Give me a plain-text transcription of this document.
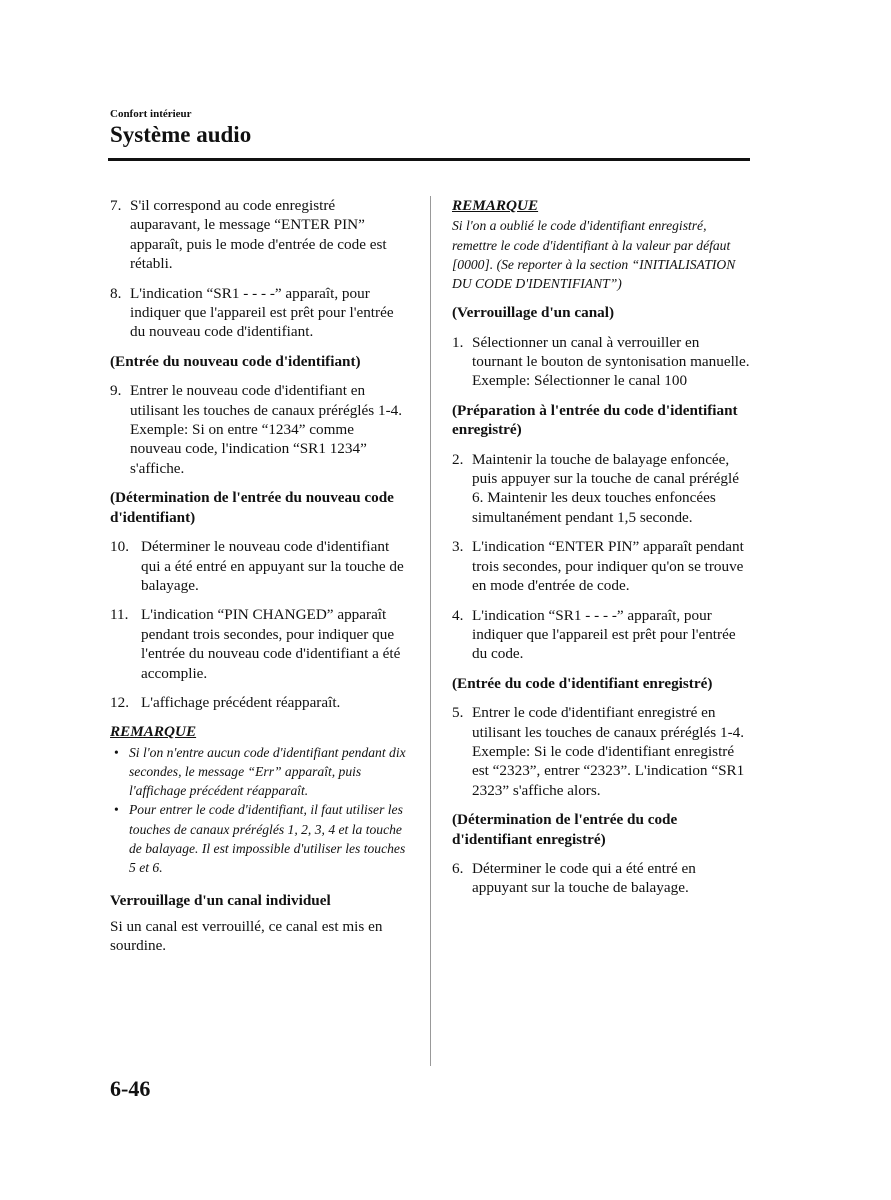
Confort intérieur
Système audio
7. S'il correspond au code enregistré auparavant, le message “ENTER PIN” apparaît, puis le mode d'entrée de code est rétabli.
8. L'indication “SR1 - - - -” apparaît, pour indiquer que l'appareil est prêt pour l'entrée du nouveau code d'identifiant.
(Entrée du nouveau code d'identifiant)
9. Entrer le nouveau code d'identifiant en utilisant les touches de canaux préréglés 1-4.
Exemple: Si on entre “1234” comme nouveau code, l'indication “SR1 1234” s'affiche.
(Détermination de l'entrée du nouveau code d'identifiant)
10. Déterminer le nouveau code d'identifiant qui a été entré en appuyant sur la touche de balayage.
11. L'indication “PIN CHANGED” apparaît pendant trois secondes, pour indiquer que l'entrée du nouveau code d'identifiant a été accomplie.
12. L'affichage précédent réapparaît.
REMARQUE
• Si l'on n'entre aucun code d'identifiant pendant dix secondes, le message “Err” apparaît, puis l'affichage précédent réapparaît.
• Pour entrer le code d'identifiant, il faut utiliser les touches de canaux préréglés 1, 2, 3, 4 et la touche de balayage. Il est impossible d'utiliser les touches 5 et 6.
Verrouillage d'un canal individuel
Si un canal est verrouillé, ce canal est mis en sourdine.
REMARQUE
Si l'on a oublié le code d'identifiant enregistré, remettre le code d'identifiant à la valeur par défaut [0000]. (Se reporter à la section “INITIALISATION DU CODE D'IDENTIFIANT”)
(Verrouillage d'un canal)
1. Sélectionner un canal à verrouiller en tournant le bouton de syntonisation manuelle. Exemple: Sélectionner le canal 100
(Préparation à l'entrée du code d'identifiant enregistré)
2. Maintenir la touche de balayage enfoncée, puis appuyer sur la touche de canal préréglé 6. Maintenir les deux touches enfoncées simultanément pendant 1,5 seconde.
3. L'indication “ENTER PIN” apparaît pendant trois secondes, pour indiquer qu'on se trouve en mode d'entrée de code.
4. L'indication “SR1 - - - -” apparaît, pour indiquer que l'appareil est prêt pour l'entrée du code.
(Entrée du code d'identifiant enregistré)
5. Entrer le code d'identifiant enregistré en utilisant les touches de canaux préréglés 1-4. Exemple: Si le code d'identifiant enregistré est “2323”, entrer “2323”. L'indication “SR1 2323” s'affiche alors.
(Détermination de l'entrée du code d'identifiant enregistré)
6. Déterminer le code qui a été entré en appuyant sur la touche de balayage.
6-46
